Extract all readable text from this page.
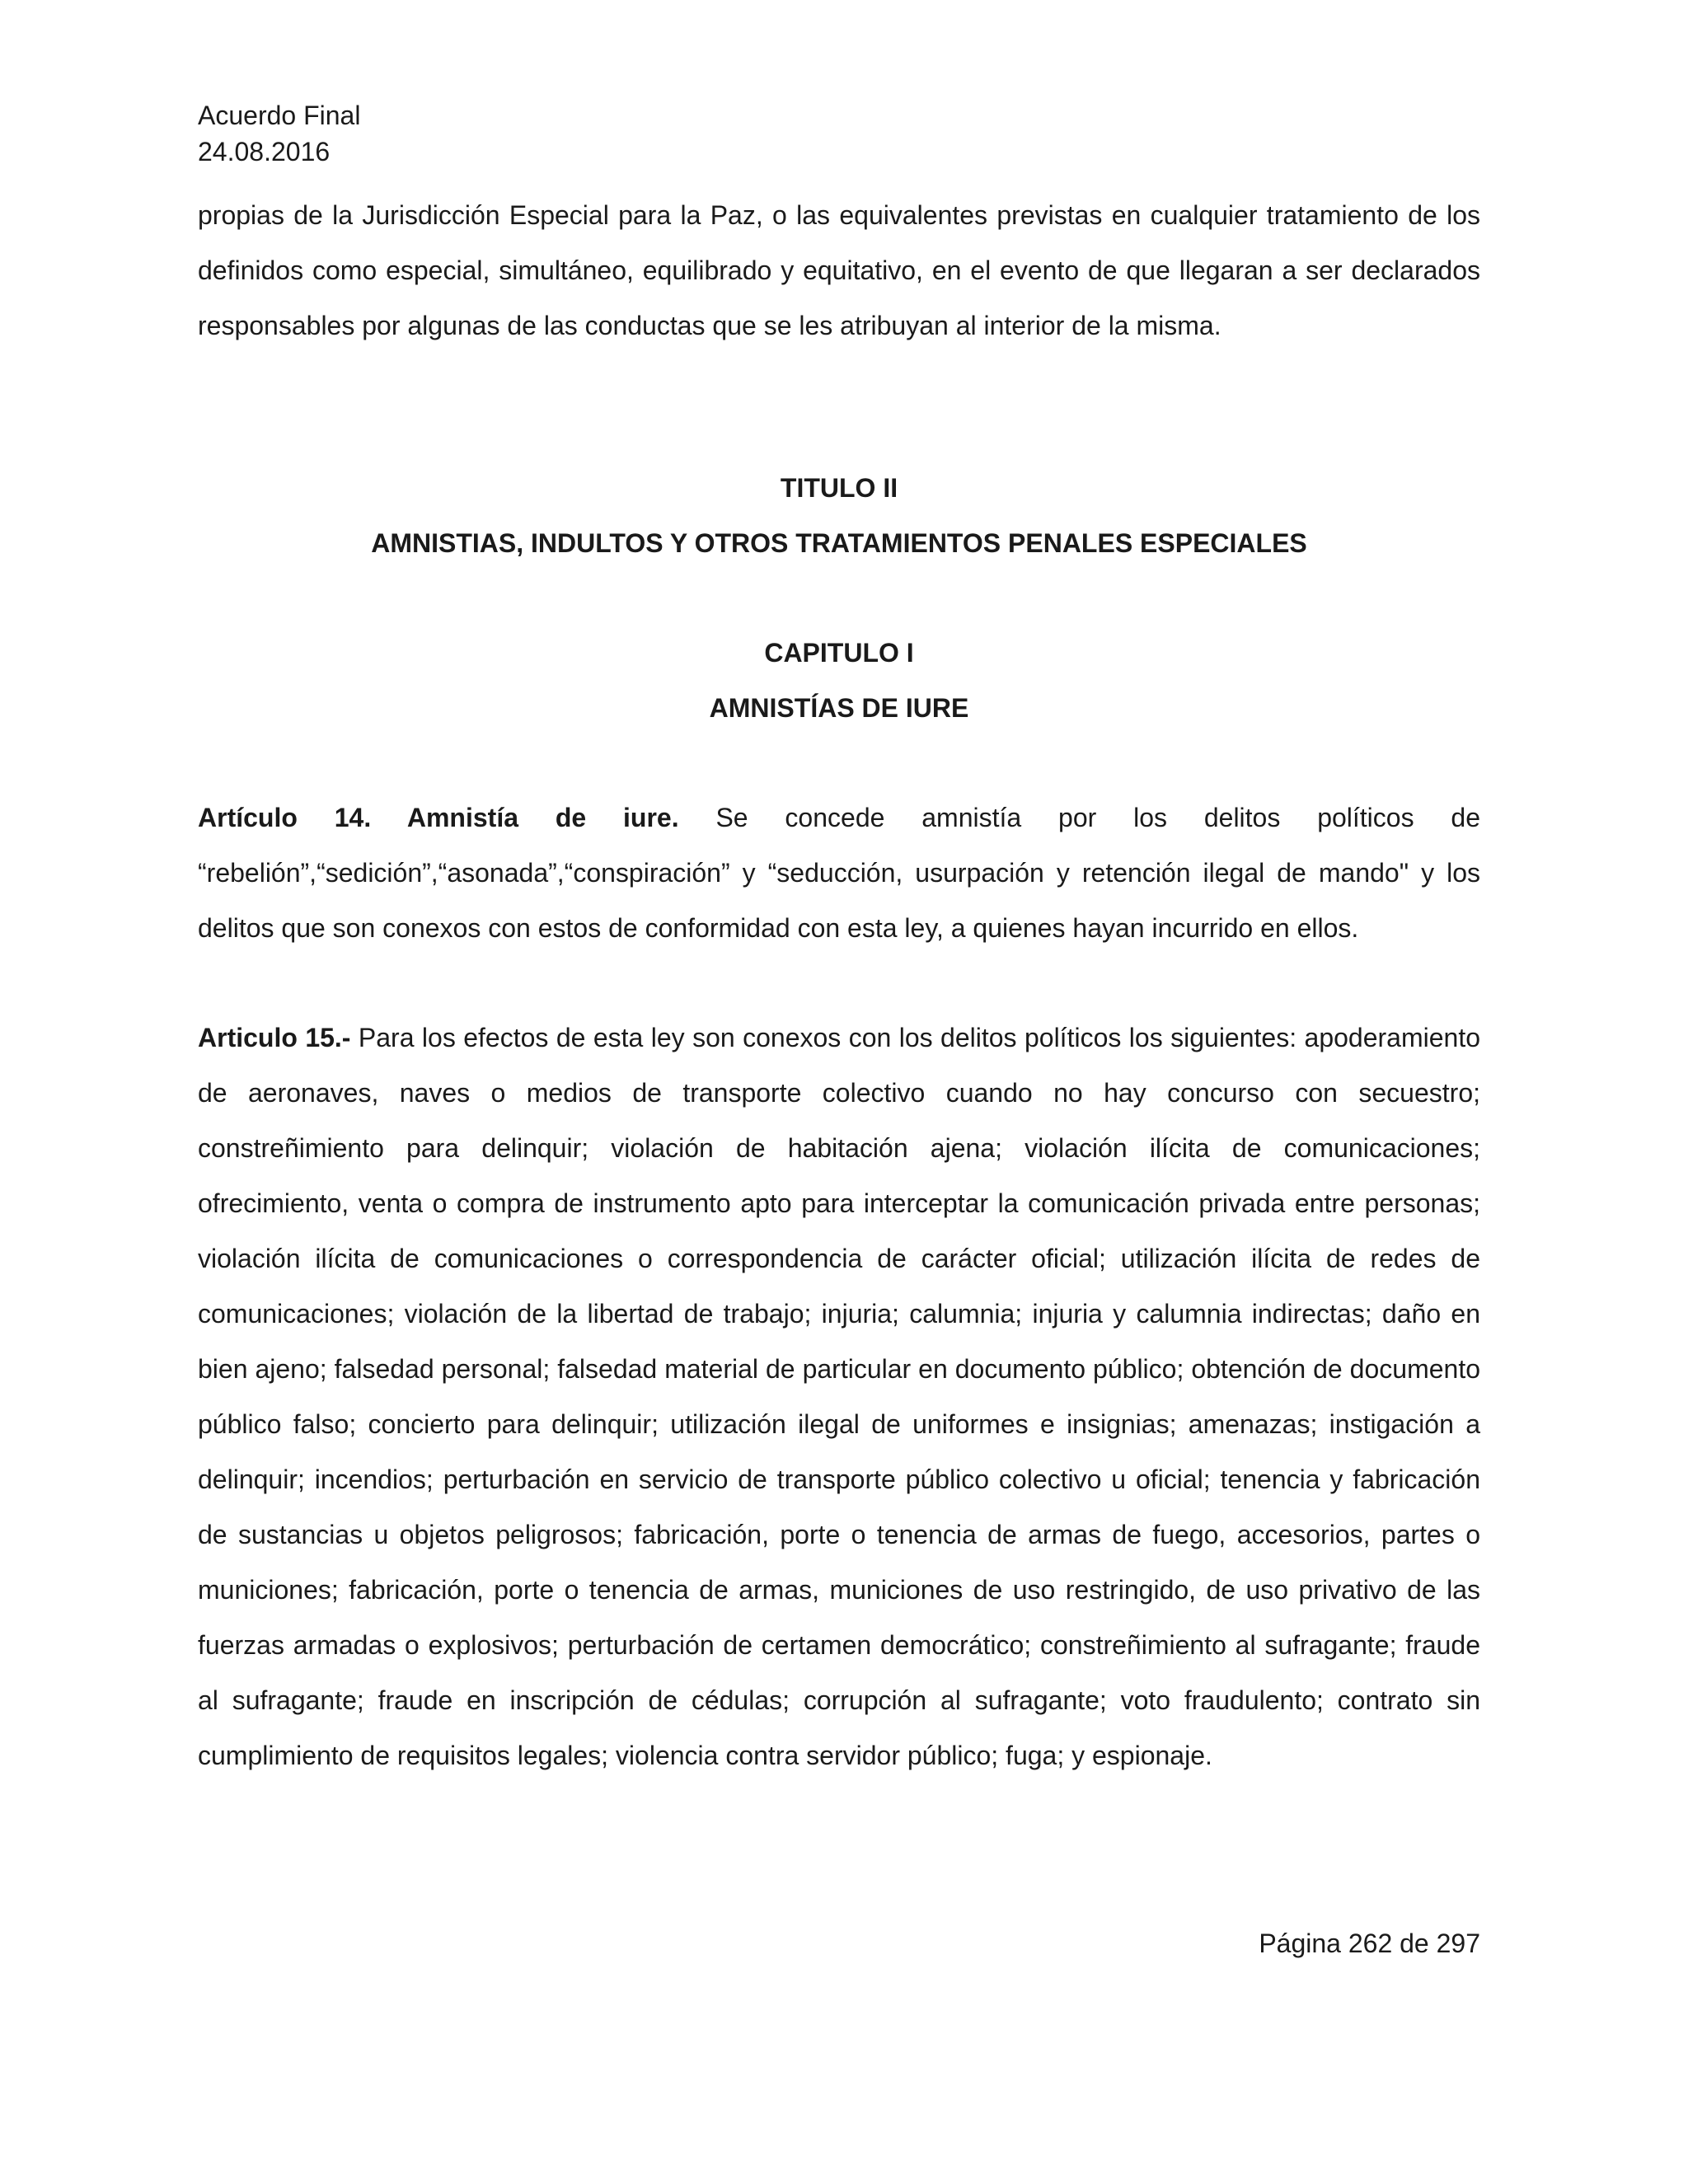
Acuerdo Final
24.08.2016

propias de la Jurisdicción Especial para la Paz, o las equivalentes previstas en cualquier tratamiento de los definidos como especial, simultáneo, equilibrado y equitativo, en el evento de que llegaran a ser declarados responsables por algunas de las conductas que se les atribuyan al interior de la misma.

TITULO II

AMNISTIAS, INDULTOS Y OTROS TRATAMIENTOS PENALES ESPECIALES

CAPITULO I

AMNISTÍAS DE IURE

Artículo 14. Amnistía de iure. Se concede amnistía por los delitos políticos de “rebelión”,“sedición”,“asonada”,“conspiración” y “seducción, usurpación y retención ilegal de mando" y los delitos que son conexos con estos de conformidad con esta ley, a quienes hayan incurrido en ellos.

Articulo 15.- Para los efectos de esta ley son conexos con los delitos políticos los siguientes: apoderamiento de aeronaves, naves o medios de transporte colectivo cuando no hay concurso con secuestro; constreñimiento para delinquir; violación de habitación ajena; violación ilícita de comunicaciones; ofrecimiento, venta o compra de instrumento apto para interceptar la comunicación privada entre personas; violación ilícita de comunicaciones o correspondencia de carácter oficial; utilización ilícita de redes de comunicaciones; violación de la libertad de trabajo; injuria; calumnia; injuria y calumnia indirectas; daño en bien ajeno; falsedad personal; falsedad material de particular en documento público; obtención de documento público falso; concierto para delinquir; utilización ilegal de uniformes e insignias; amenazas; instigación a delinquir; incendios; perturbación en servicio de transporte público colectivo u oficial; tenencia y fabricación de sustancias u objetos peligrosos; fabricación, porte o tenencia de armas de fuego, accesorios, partes o municiones; fabricación, porte o tenencia de armas, municiones de uso restringido, de uso privativo de las fuerzas armadas o explosivos; perturbación de certamen democrático; constreñimiento al sufragante; fraude al sufragante; fraude en inscripción de cédulas; corrupción al sufragante; voto fraudulento; contrato sin cumplimiento de requisitos legales; violencia contra servidor público; fuga; y espionaje.

Página 262 de 297
